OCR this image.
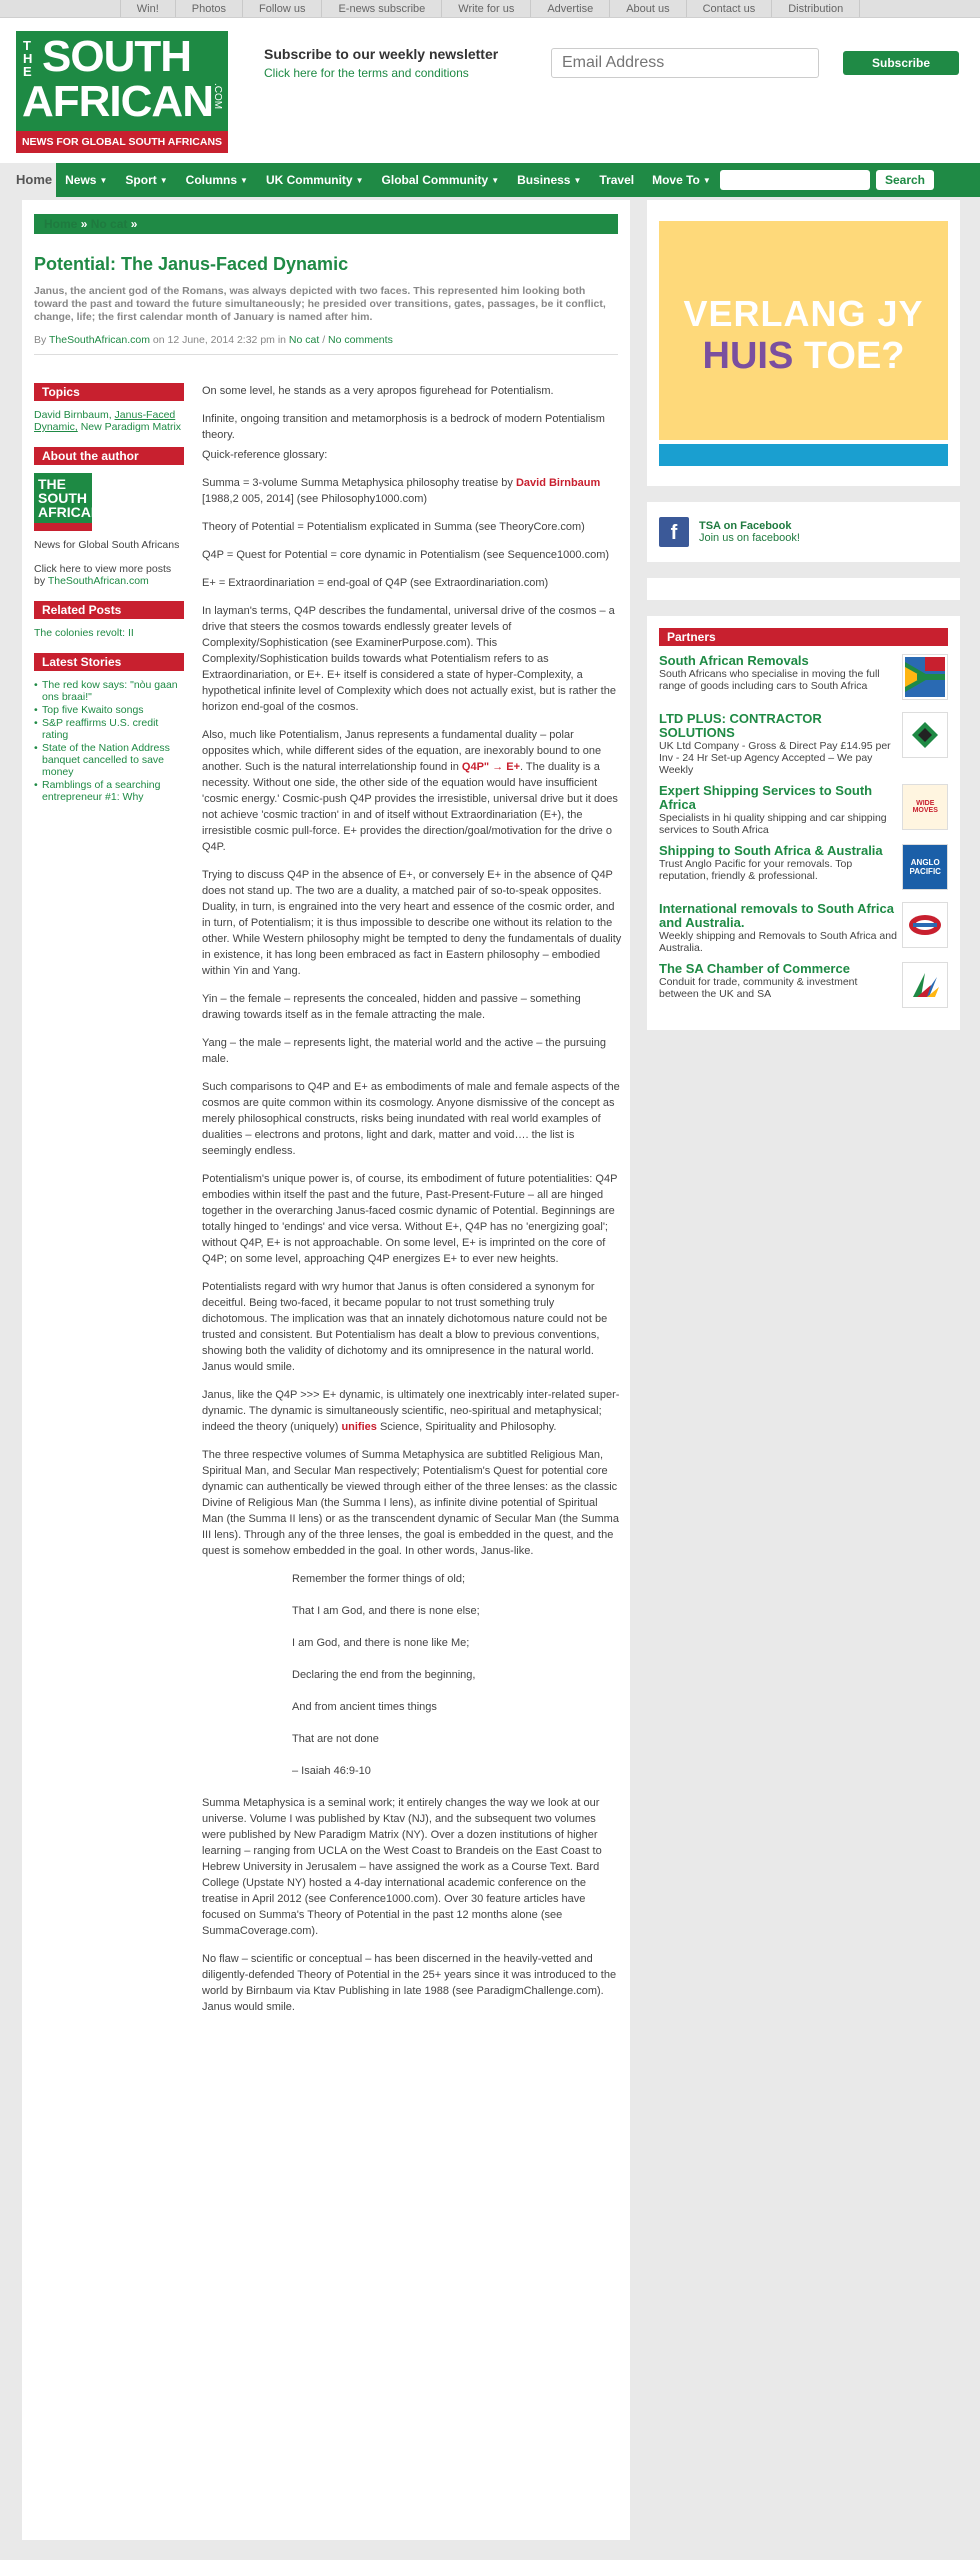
Win!	Photos	Follow us	E-news subscribe	Write for us	Advertise	About us	Contact us	Distribution
THE SOUTH
AFRICAN .COM
NEWS FOR GLOBAL SOUTH AFRICANS
Subscribe to our weekly newsletter
Click here for the terms and conditions
Email Address
Subscribe
Home	News ▼ Sport ▼ Columns ▼ UK Community ▼ Global Community ▼ Business ▼ Travel Move To ▼	Search
Home » No cat »
Potential: The Janus-Faced Dynamic
Janus, the ancient god of the Romans, was always depicted with two faces. This represented him looking both toward the past and toward the future simultaneously; he presided over transitions, gates, passages, be it conflict, change, life; the first calendar month of January is named after him.
By TheSouthAfrican.com on 12 June, 2014 2:32 pm in No cat / No comments
Topics
David Birnbaum, Janus-Faced Dynamic, New Paradigm Matrix
About the author
THE SOUTH AFRICAN
News for Global South Africans
Click here to view more posts by TheSouthAfrican.com
Related Posts
The colonies revolt: II
Latest Stories
• The red kow says: "nòu gaan ons braai!"
• Top five Kwaito songs
• S&P reaffirms U.S. credit rating
• State of the Nation Address banquet cancelled to save money
• Ramblings of a searching entrepreneur #1: Why

On some level, he stands as a very apropos figurehead for Potentialism.

Infinite, ongoing transition and metamorphosis is a bedrock of modern Potentialism theory.

Quick-reference glossary:

Summa = 3-volume Summa Metaphysica philosophy treatise by David Birnbaum
[1988,2 005, 2014] (see Philosophy1000.com)

Theory of Potential = Potentialism explicated in Summa (see TheoryCore.com)

Q4P = Quest for Potential = core dynamic in Potentialism (see Sequence1000.com)

E+ = Extraordinariation = end-goal of Q4P (see Extraordinariation.com)

In layman's terms, Q4P describes the fundamental, universal drive of the cosmos – a drive that steers the cosmos towards endlessly greater levels of Complexity/Sophistication (see ExaminerPurpose.com). This Complexity/Sophistication builds towards what Potentialism refers to as Extraordinariation, or E+. E+ itself is considered a state of hyper-Complexity, a hypothetical infinite level of Complexity which does not actually exist, but is rather the horizon end-goal of the cosmos.

Also, much like Potentialism, Janus represents a fundamental duality – polar opposites which, while different sides of the equation, are inexorably bound to one another. Such is the natural interrelationship found in Q4P" → E+. The duality is a necessity. Without one side, the other side of the equation would have insufficient 'cosmic energy.' Cosmic-push Q4P provides the irresistible, universal drive but it does not achieve 'cosmic traction' in and of itself without Extraordinariation (E+), the irresistible cosmic pull-force. E+ provides the direction/goal/motivation for the drive o Q4P.

Trying to discuss Q4P in the absence of E+, or conversely E+ in the absence of Q4P does not stand up. The two are a duality, a matched pair of so-to-speak opposites. Duality, in turn, is engrained into the very heart and essence of the cosmic order, and in turn, of Potentialism; it is thus impossible to describe one without its relation to the other. While Western philosophy might be tempted to deny the fundamentals of duality in existence, it has long been embraced as fact in Eastern philosophy – embodied within Yin and Yang.

Yin – the female – represents the concealed, hidden and passive – something drawing towards itself as in the female attracting the male.

Yang – the male – represents light, the material world and the active – the pursuing male.

Such comparisons to Q4P and E+ as embodiments of male and female aspects of the cosmos are quite common within its cosmology. Anyone dismissive of the concept as merely philosophical constructs, risks being inundated with real world examples of dualities – electrons and protons, light and dark, matter and void…. the list is seemingly endless.

Potentialism's unique power is, of course, its embodiment of future potentialities: Q4P embodies within itself the past and the future, Past-Present-Future – all are hinged together in the overarching Janus-faced cosmic dynamic of Potential. Beginnings are totally hinged to 'endings' and vice versa. Without E+, Q4P has no 'energizing goal'; without Q4P, E+ is not approachable. On some level, E+ is imprinted on the core of Q4P; on some level, approaching Q4P energizes E+ to ever new heights.

Potentialists regard with wry humor that Janus is often considered a synonym for deceitful. Being two-faced, it became popular to not trust something truly dichotomous. The implication was that an innately dichotomous nature could not be trusted and consistent. But Potentialism has dealt a blow to previous conventions, showing both the validity of dichotomy and its omnipresence in the natural world. Janus would smile.

Janus, like the Q4P >>> E+ dynamic, is ultimately one inextricably inter-related super-dynamic. The dynamic is simultaneously scientific, neo-spiritual and metaphysical; indeed the theory (uniquely) unifies Science, Spirituality and Philosophy.

The three respective volumes of Summa Metaphysica are subtitled Religious Man, Spiritual Man, and Secular Man respectively; Potentialism's Quest for potential core dynamic can authentically be viewed through either of the three lenses: as the classic Divine of Religious Man (the Summa I lens), as infinite divine potential of Spiritual Man (the Summa II lens) or as the transcendent dynamic of Secular Man (the Summa III lens). Through any of the three lenses, the goal is embedded in the quest, and the quest is somehow embedded in the goal. In other words, Janus-like.

Remember the former things of old;

That I am God, and there is none else;

I am God, and there is none like Me;

Declaring the end from the beginning,

And from ancient times things

That are not done

– Isaiah 46:9-10

Summa Metaphysica is a seminal work; it entirely changes the way we look at our universe. Volume I was published by Ktav (NJ), and the subsequent two volumes were published by New Paradigm Matrix (NY). Over a dozen institutions of higher learning – ranging from UCLA on the West Coast to Brandeis on the East Coast to Hebrew University in Jerusalem – have assigned the work as a Course Text. Bard College (Upstate NY) hosted a 4-day international academic conference on the treatise in April 2012 (see Conference1000.com). Over 30 feature articles have focused on Summa's Theory of Potential in the past 12 months alone (see SummaCoverage.com).

No flaw – scientific or conceptual – has been discerned in the heavily-vetted and diligently-defended Theory of Potential in the 25+ years since it was introduced to the world by Birnbaum via Ktav Publishing in late 1988 (see ParadigmChallenge.com). Janus would smile.

VERLANG JY
HUIS TOE?
f	TSA on Facebook
Join us on facebook!
Partners
South African Removals
South Africans who specialise in moving the full range of goods including cars to South Africa
LTD PLUS: CONTRACTOR SOLUTIONS
UK Ltd Company - Gross & Direct Pay £14.95 per Inv - 24 Hr Set-up Agency Accepted – We pay Weekly
Expert Shipping Services to South Africa
Specialists in hi quality shipping and car shipping services to South Africa
WIDE MOVES
Shipping to South Africa & Australia
Trust Anglo Pacific for your removals. Top reputation, friendly & professional.
ANGLO PACIFIC
International removals to South Africa and Australia.
Weekly shipping and Removals to South Africa and Australia.
The SA Chamber of Commerce
Conduit for trade, community & investment between the UK and SA
